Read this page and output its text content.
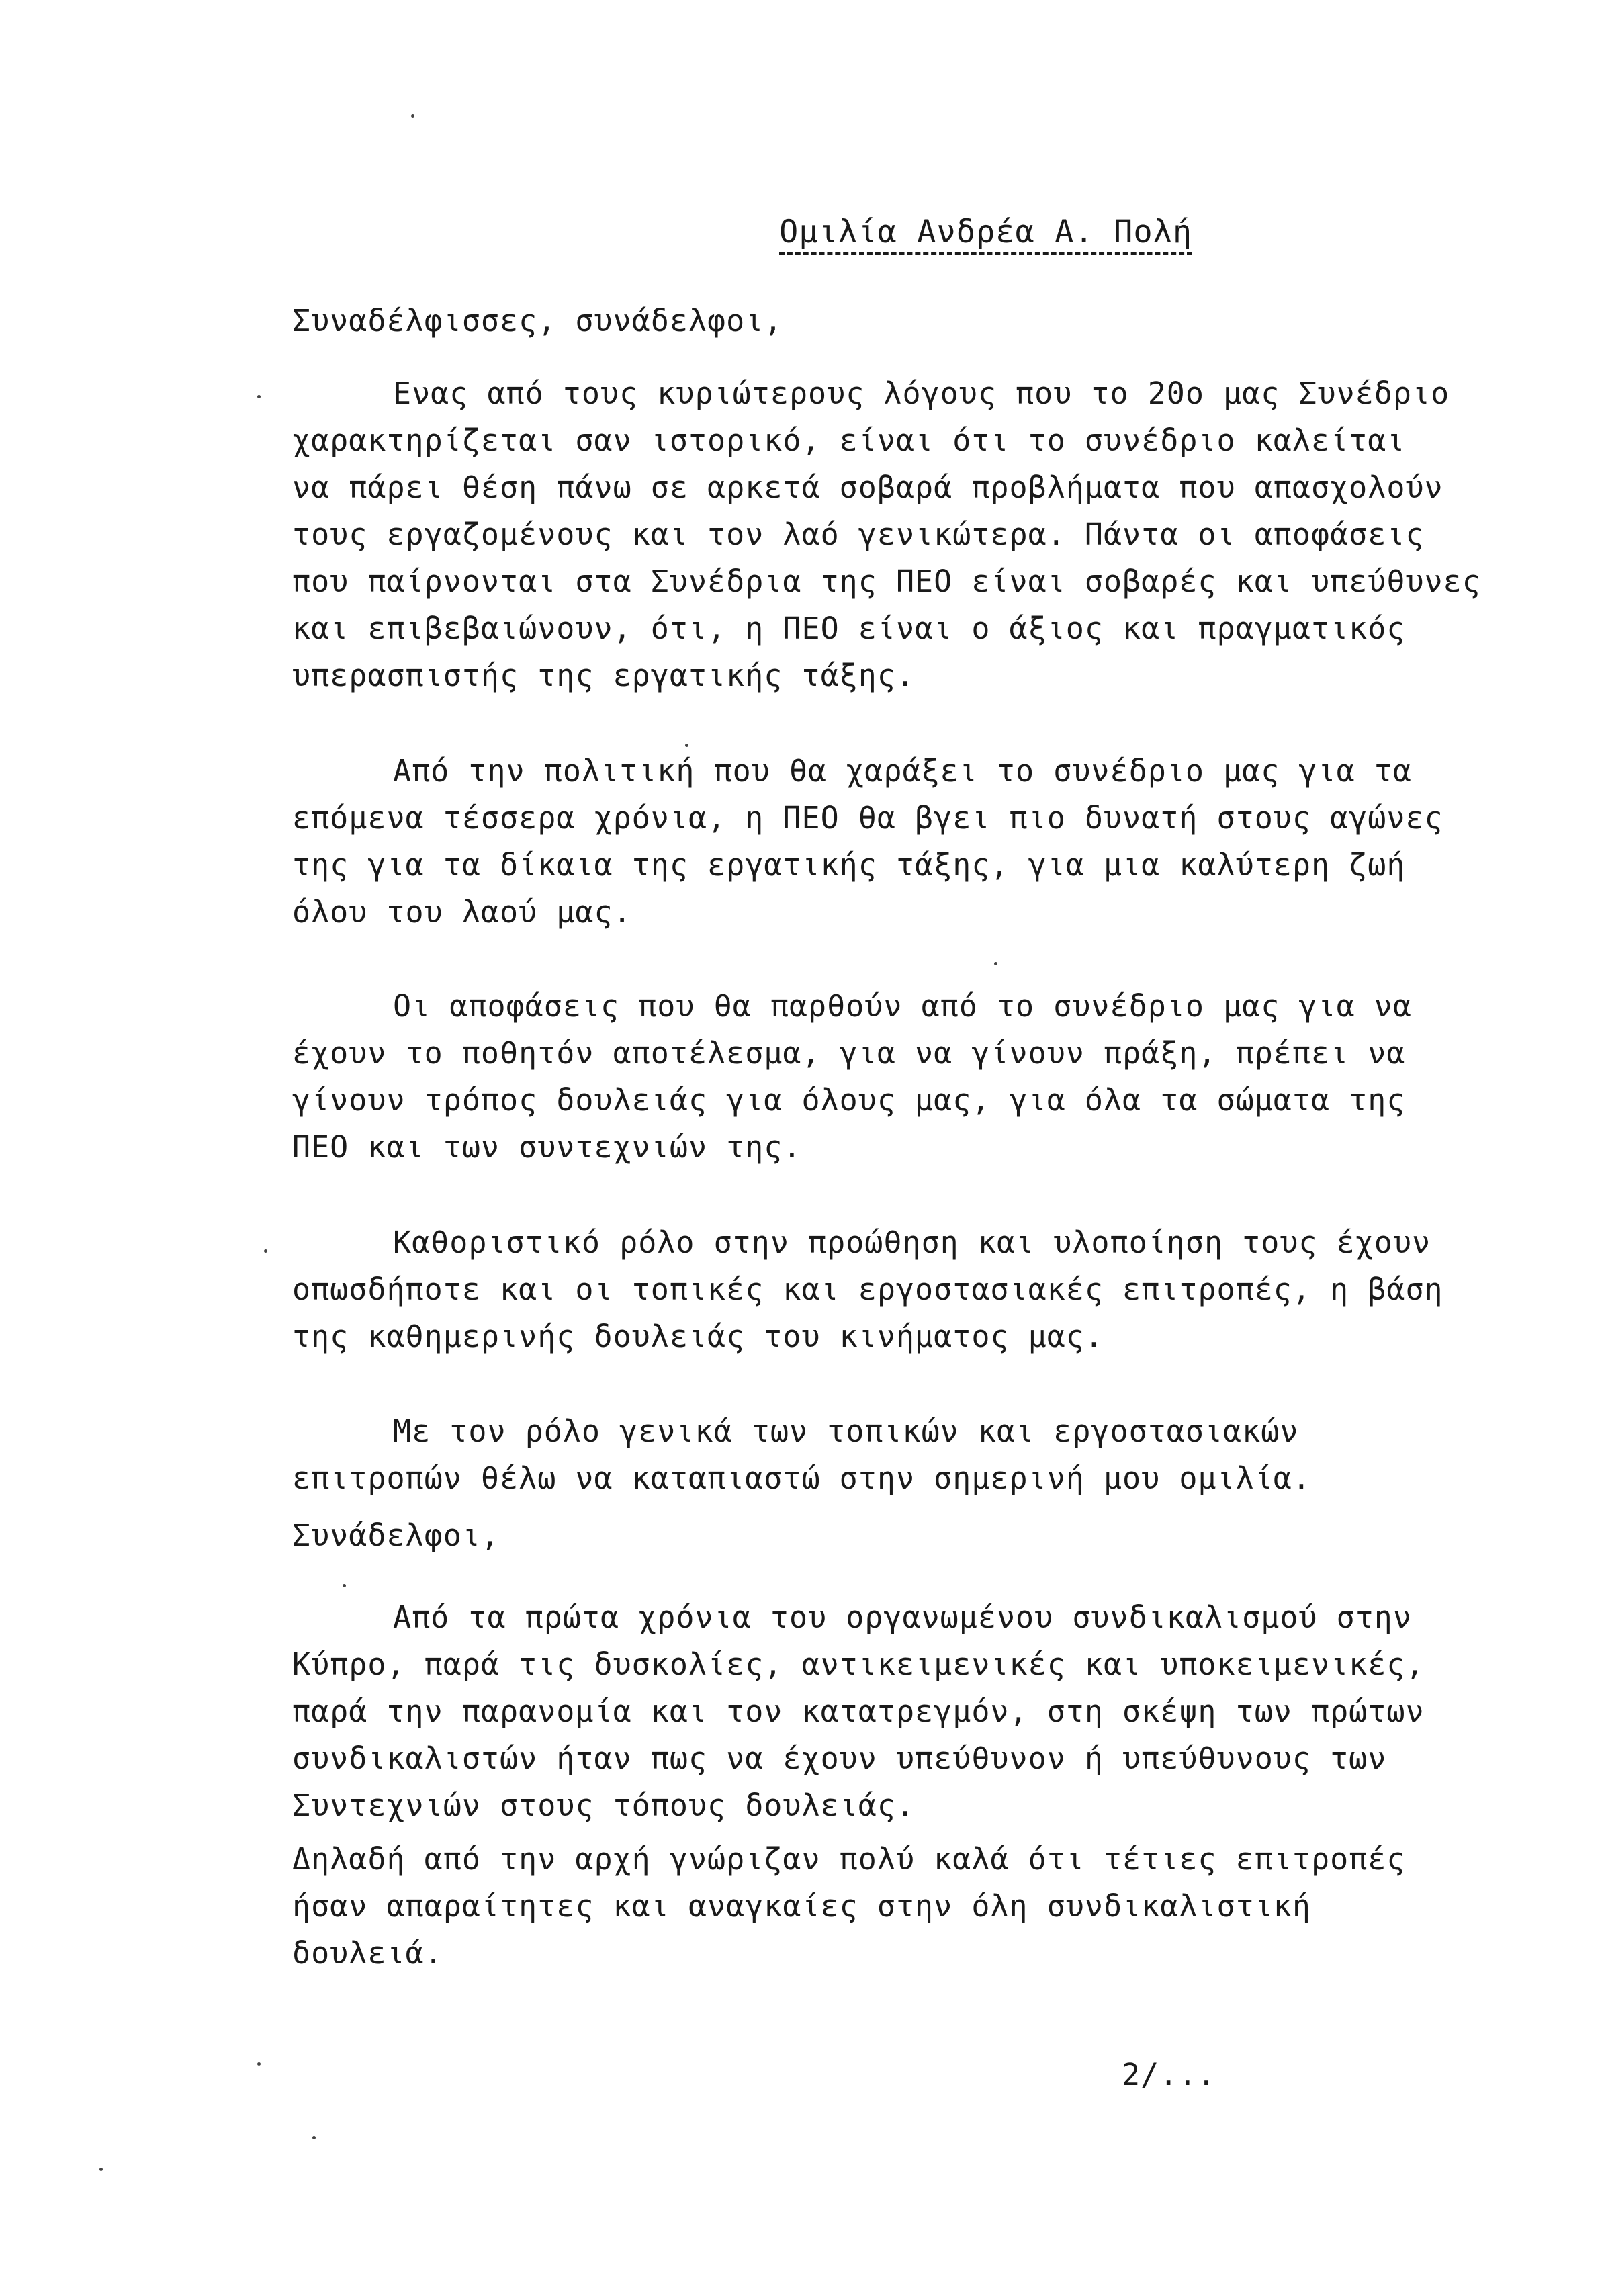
Ομιλία Ανδρέα Α. Πολή
Συναδέλφισσες, συνάδελφοι,
Ενας από τους κυριώτερους λόγους που το 20ο μας Συνέδριο
χαρακτηρίζεται σαν ιστορικό, είναι ότι το συνέδριο καλείται
να πάρει θέση πάνω σε αρκετά σοβαρά προβλήματα που απασχολούν
τους εργαζομένους και τον λαό γενικώτερα. Πάντα οι αποφάσεις
που παίρνονται στα Συνέδρια της ΠΕΟ είναι σοβαρές και υπεύθυνες
και επιβεβαιώνουν, ότι, η ΠΕΟ είναι ο άξιος και πραγματικός
υπερασπιστής της εργατικής τάξης.
Από την πολιτική που θα χαράξει το συνέδριο μας για τα
επόμενα τέσσερα χρόνια, η ΠΕΟ θα βγει πιο δυνατή στους αγώνες
της για τα δίκαια της εργατικής τάξης, για μια καλύτερη ζωή
όλου του λαού μας.
Οι αποφάσεις που θα παρθούν από το συνέδριο μας για να
έχουν το ποθητόν αποτέλεσμα, για να γίνουν πράξη, πρέπει να
γίνουν τρόπος δουλειάς για όλους μας, για όλα τα σώματα της
ΠΕΟ και των συντεχνιών της.
Καθοριστικό ρόλο στην προώθηση και υλοποίηση τους έχουν
οπωσδήποτε και οι τοπικές και εργοστασιακές επιτροπές, η βάση
της καθημερινής δουλειάς του κινήματος μας.
Με τον ρόλο γενικά των τοπικών και εργοστασιακών
επιτροπών θέλω να καταπιαστώ στην σημερινή μου ομιλία.
Συνάδελφοι,
Από τα πρώτα χρόνια του οργανωμένου συνδικαλισμού στην
Κύπρο, παρά τις δυσκολίες, αντικειμενικές και υποκειμενικές,
παρά την παρανομία και τον κατατρεγμόν, στη σκέψη των πρώτων
συνδικαλιστών ήταν πως να έχουν υπεύθυνον ή υπεύθυνους των
Συντεχνιών στους τόπους δουλειάς.
Δηλαδή από την αρχή γνώριζαν πολύ καλά ότι τέτιες επιτροπές
ήσαν απαραίτητες και αναγκαίες στην όλη συνδικαλιστική
δουλειά.
2/...
